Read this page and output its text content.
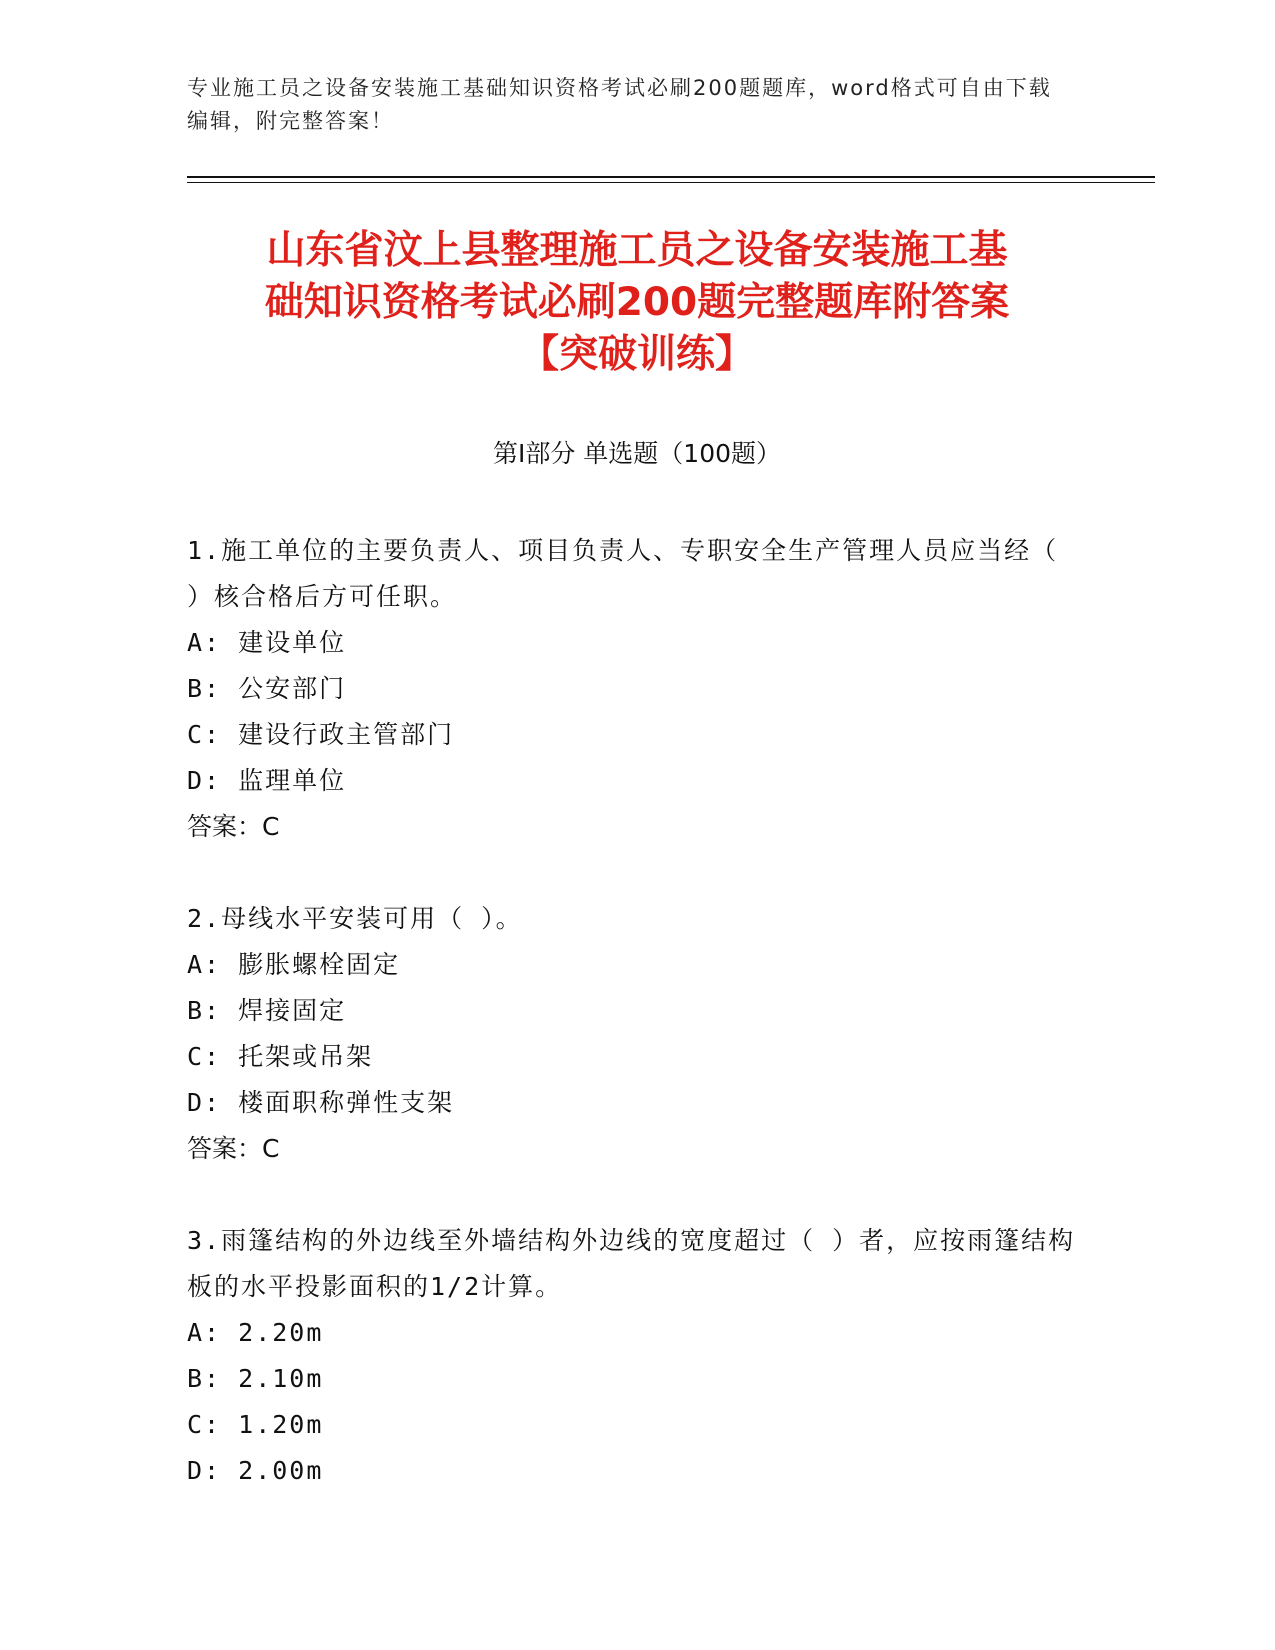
专业施工员之设备安装施工基础知识资格考试必刷200题题库，word格式可自由下载编辑，附完整答案！
山东省汶上县整理施工员之设备安装施工基
础知识资格考试必刷200题完整题库附答案
【突破训练】
第Ⅰ部分 单选题（100题）

1.施工单位的主要负责人、项目负责人、专职安全生产管理人员应当经（ ）核合格后方可任职。

A: 建设单位

B: 公安部门

C: 建设行政主管部门

D: 监理单位

答案：C

2.母线水平安装可用（ ）。

A: 膨胀螺栓固定

B: 焊接固定

C: 托架或吊架

D: 楼面职称弹性支架

答案：C

3.雨篷结构的外边线至外墙结构外边线的宽度超过（ ）者，应按雨篷结构板的水平投影面积的1/2计算。

A: 2.20m

B: 2.10m

C: 1.20m

D: 2.00m
